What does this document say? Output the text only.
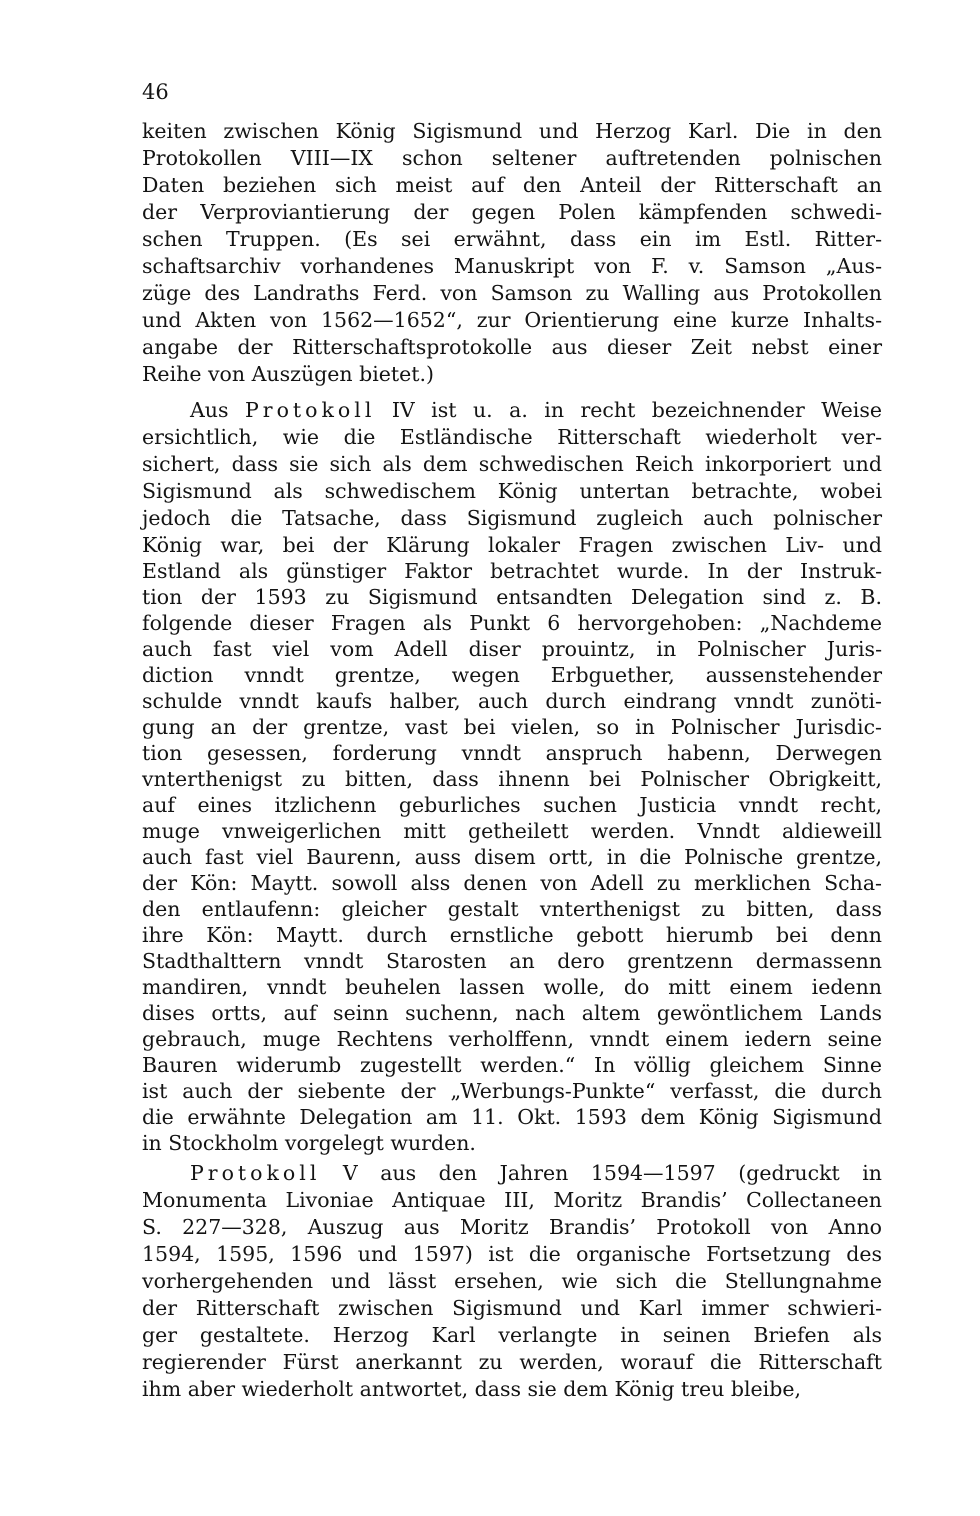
46
keiten zwischen König Sigismund und Herzog Karl. Die in den
Protokollen VIII—IX schon seltener auftretenden polnischen
Daten beziehen sich meist auf den Anteil der Ritterschaft an
der Verproviantierung der gegen Polen kämpfenden schwedi-
schen Truppen. (Es sei erwähnt, dass ein im Estl. Ritter-
schaftsarchiv vorhandenes Manuskript von F. v. Samson „Aus-
züge des Landraths Ferd. von Samson zu Walling aus Protokollen
und Akten von 1562—1652“, zur Orientierung eine kurze Inhalts-
angabe der Ritterschaftsprotokolle aus dieser Zeit nebst einer
Reihe von Auszügen bietet.)
Aus Protokoll IV ist u. a. in recht bezeichnender Weise
ersichtlich, wie die Estländische Ritterschaft wiederholt ver-
sichert, dass sie sich als dem schwedischen Reich inkorporiert und
Sigismund als schwedischem König untertan betrachte, wobei
jedoch die Tatsache, dass Sigismund zugleich auch polnischer
König war, bei der Klärung lokaler Fragen zwischen Liv- und
Estland als günstiger Faktor betrachtet wurde. In der Instruk-
tion der 1593 zu Sigismund entsandten Delegation sind z. B.
folgende dieser Fragen als Punkt 6 hervorgehoben: „Nachdeme
auch fast viel vom Adell diser prouintz, in Polnischer Juris-
diction vnndt grentze, wegen Erbguether, aussenstehender
schulde vnndt kaufs halber, auch durch eindrang vnndt zunöti-
gung an der grentze, vast bei vielen, so in Polnischer Jurisdic-
tion gesessen, forderung vnndt anspruch habenn, Derwegen
vnterthenigst zu bitten, dass ihnenn bei Polnischer Obrigkeitt,
auf eines itzlichenn geburliches suchen Justicia vnndt recht,
muge vnweigerlichen mitt getheilett werden. Vnndt aldieweill
auch fast viel Baurenn, auss disem ortt, in die Polnische grentze,
der Kön: Maytt. sowoll alss denen von Adell zu merklichen Scha-
den entlaufenn: gleicher gestalt vnterthenigst zu bitten, dass
ihre Kön: Maytt. durch ernstliche gebott hierumb bei denn
Stadthalttern vnndt Starosten an dero grentzenn dermassenn
mandiren, vnndt beuhelen lassen wolle, do mitt einem iedenn
dises ortts, auf seinn suchenn, nach altem gewöntlichem Lands
gebrauch, muge Rechtens verholffenn, vnndt einem iedern seine
Bauren widerumb zugestellt werden.“ In völlig gleichem Sinne
ist auch der siebente der „Werbungs-Punkte“ verfasst, die durch
die erwähnte Delegation am 11. Okt. 1593 dem König Sigismund
in Stockholm vorgelegt wurden.
Protokoll V aus den Jahren 1594—1597 (gedruckt in
Monumenta Livoniae Antiquae III, Moritz Brandis’ Collectaneen
S. 227—328, Auszug aus Moritz Brandis’ Protokoll von Anno
1594, 1595, 1596 und 1597) ist die organische Fortsetzung des
vorhergehenden und lässt ersehen, wie sich die Stellungnahme
der Ritterschaft zwischen Sigismund und Karl immer schwieri-
ger gestaltete. Herzog Karl verlangte in seinen Briefen als
regierender Fürst anerkannt zu werden, worauf die Ritterschaft
ihm aber wiederholt antwortet, dass sie dem König treu bleibe,
